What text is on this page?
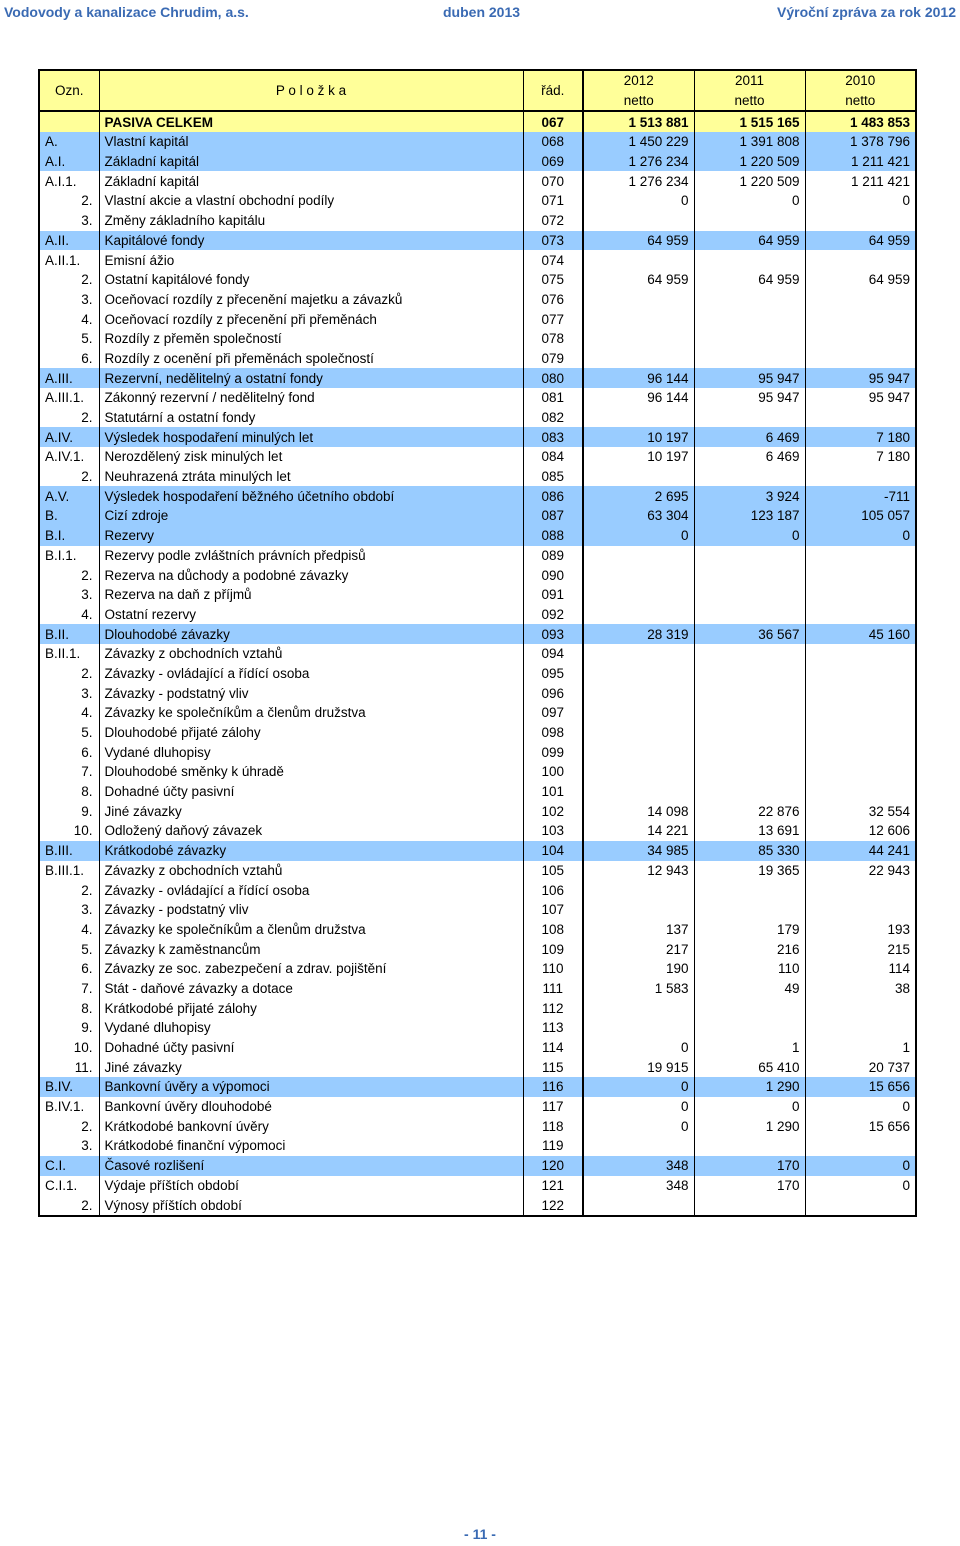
Vodovody a kanalizace Chrudim, a.s.	duben 2013	Výroční zpráva za rok 2012
Ozn.	P o l o ž k a	řád.	2012	2011	2010
			netto	netto	netto
	PASIVA CELKEM	067	1 513 881	1 515 165	1 483 853
A.	Vlastní kapitál	068	1 450 229	1 391 808	1 378 796
A.I.	Základní kapitál	069	1 276 234	1 220 509	1 211 421
A.I.1.	Základní kapitál	070	1 276 234	1 220 509	1 211 421
2.	Vlastní akcie a vlastní obchodní podíly	071	0	0	0
3.	Změny základního kapitálu	072			
A.II.	Kapitálové fondy	073	64 959	64 959	64 959
A.II.1.	Emisní ážio	074			
2.	Ostatní kapitálové fondy	075	64 959	64 959	64 959
3.	Oceňovací rozdíly z přecenění majetku a závazků	076			
4.	Oceňovací rozdíly z přecenění při přeměnách	077			
5.	Rozdíly z přeměn společností	078			
6.	Rozdíly z ocenění při přeměnách společností	079			
A.III.	Rezervní, nedělitelný a ostatní fondy	080	96 144	95 947	95 947
A.III.1.	Zákonný rezervní / nedělitelný fond	081	96 144	95 947	95 947
2.	Statutární a ostatní fondy	082			
A.IV.	Výsledek hospodaření minulých let	083	10 197	6 469	7 180
A.IV.1.	Nerozdělený zisk minulých let	084	10 197	6 469	7 180
2.	Neuhrazená ztráta minulých let	085			
A.V.	Výsledek hospodaření běžného účetního období	086	2 695	3 924	-711
B.	Cizí zdroje	087	63 304	123 187	105 057
B.I.	Rezervy	088	0	0	0
B.I.1.	Rezervy podle zvláštních právních předpisů	089			
2.	Rezerva na důchody a podobné závazky	090			
3.	Rezerva na daň z příjmů	091			
4.	Ostatní rezervy	092			
B.II.	Dlouhodobé závazky	093	28 319	36 567	45 160
B.II.1.	Závazky z obchodních vztahů	094			
2.	Závazky - ovládající a řídící osoba	095			
3.	Závazky - podstatný vliv	096			
4.	Závazky ke společníkům a členům družstva	097			
5.	Dlouhodobé přijaté zálohy	098			
6.	Vydané dluhopisy	099			
7.	Dlouhodobé směnky k úhradě	100			
8.	Dohadné účty pasivní	101			
9.	Jiné závazky	102	14 098	22 876	32 554
10.	Odložený daňový závazek	103	14 221	13 691	12 606
B.III.	Krátkodobé závazky	104	34 985	85 330	44 241
B.III.1.	Závazky z obchodních vztahů	105	12 943	19 365	22 943
2.	Závazky - ovládající a řídící osoba	106			
3.	Závazky - podstatný vliv	107			
4.	Závazky ke společníkům a členům družstva	108	137	179	193
5.	Závazky k zaměstnancům	109	217	216	215
6.	Závazky ze soc. zabezpečení a zdrav. pojištění	110	190	110	114
7.	Stát - daňové závazky a dotace	111	1 583	49	38
8.	Krátkodobé přijaté zálohy	112			
9.	Vydané dluhopisy	113			
10.	Dohadné účty pasivní	114	0	1	1
11.	Jiné závazky	115	19 915	65 410	20 737
B.IV.	Bankovní úvěry a výpomoci	116	0	1 290	15 656
B.IV.1.	Bankovní úvěry dlouhodobé	117	0	0	0
2.	Krátkodobé bankovní úvěry	118	0	1 290	15 656
3.	Krátkodobé finanční výpomoci	119			
C.I.	Časové rozlišení	120	348	170	0
C.I.1.	Výdaje příštích období	121	348	170	0
2.	Výnosy příštích období	122			
- 11 -
